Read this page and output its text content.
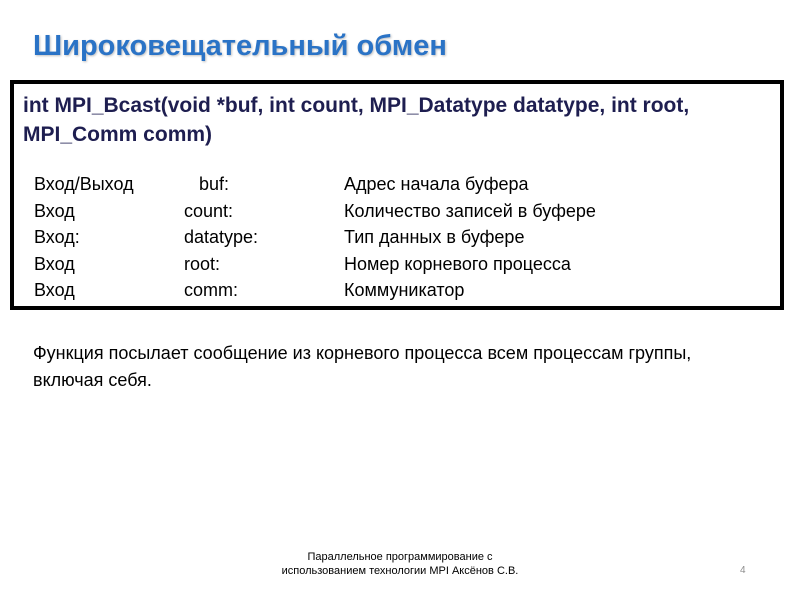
Широковещательный обмен
int MPI_Bcast(void *buf, int count, MPI_Datatype datatype, int root, MPI_Comm comm)
Вход/Выход	buf:	Адрес начала буфера
Вход	count:	Количество записей в буфере
Вход:	datatype:	Тип данных в буфере
Вход	root:	Номер корневого процесса
Вход	comm:	Коммуникатор
Функция посылает сообщение из корневого процесса всем процессам группы, включая себя.
Параллельное программирование с использованием технологии MPI Аксёнов С.В.	4
